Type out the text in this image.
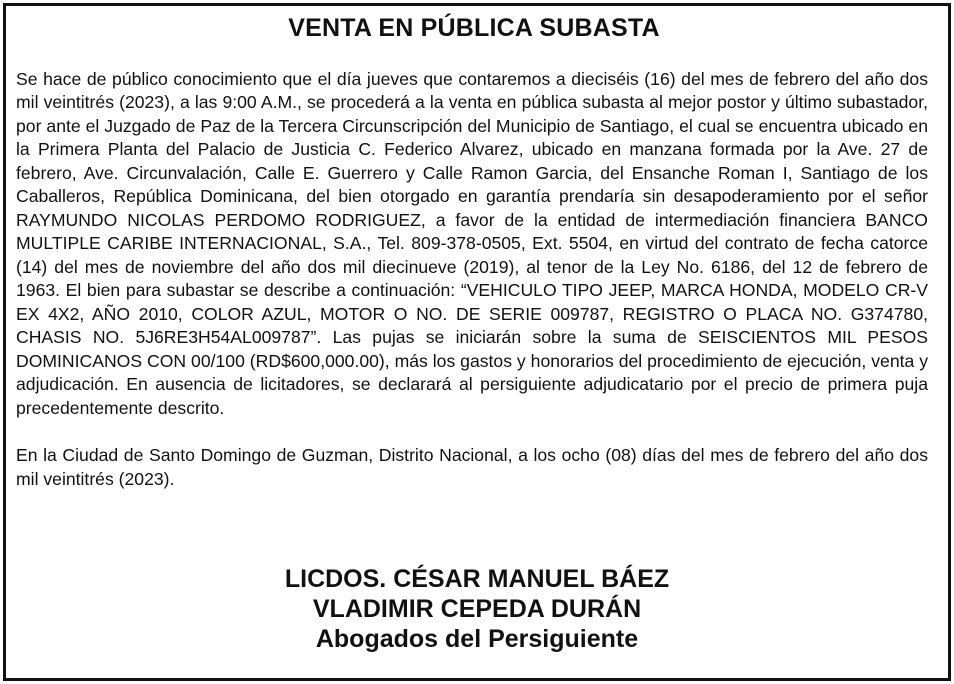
VENTA EN PÚBLICA SUBASTA

Se hace de público conocimiento que el día jueves que contaremos a dieciséis (16) del mes de febrero del año dos mil veintitrés (2023), a las 9:00 A.M., se procederá a la venta en pública subasta al mejor postor y último subastador, por ante el Juzgado de Paz de la Tercera Circunscripción del Municipio de Santiago, el cual se encuentra ubicado en la Primera Planta del Palacio de Justicia C. Federico Alvarez, ubicado en manzana formada por la Ave. 27 de febrero, Ave. Circunvalación, Calle E. Guerrero y Calle Ramon Garcia, del Ensanche Roman I, Santiago de los Caballeros, República Dominicana, del bien otorgado en garantía prendaría sin desapoderamiento por el señor RAYMUNDO NICOLAS PERDOMO RODRIGUEZ, a favor de la entidad de intermediación financiera BANCO MULTIPLE CARIBE INTERNACIONAL, S.A., Tel. 809-378-0505, Ext. 5504, en virtud del contrato de fecha catorce (14) del mes de noviembre del año dos mil diecinueve (2019), al tenor de la Ley No. 6186, del 12 de febrero de 1963. El bien para subastar se describe a continuación: “VEHICULO TIPO JEEP, MARCA HONDA, MODELO CR-V EX 4X2, AÑO 2010, COLOR AZUL, MOTOR O NO. DE SERIE 009787, REGISTRO O PLACA NO. G374780, CHASIS NO. 5J6RE3H54AL009787”. Las pujas se iniciarán sobre la suma de SEISCIENTOS MIL PESOS DOMINICANOS CON 00/100 (RD$600,000.00), más los gastos y honorarios del procedimiento de ejecución, venta y adjudicación. En ausencia de licitadores, se declarará al persiguiente adjudicatario por el precio de primera puja precedentemente descrito.

En la Ciudad de Santo Domingo de Guzman, Distrito Nacional, a los ocho (08) días del mes de febrero del año dos mil veintitrés (2023).

LICDOS. CÉSAR MANUEL BÁEZ
VLADIMIR CEPEDA DURÁN
Abogados del Persiguiente
